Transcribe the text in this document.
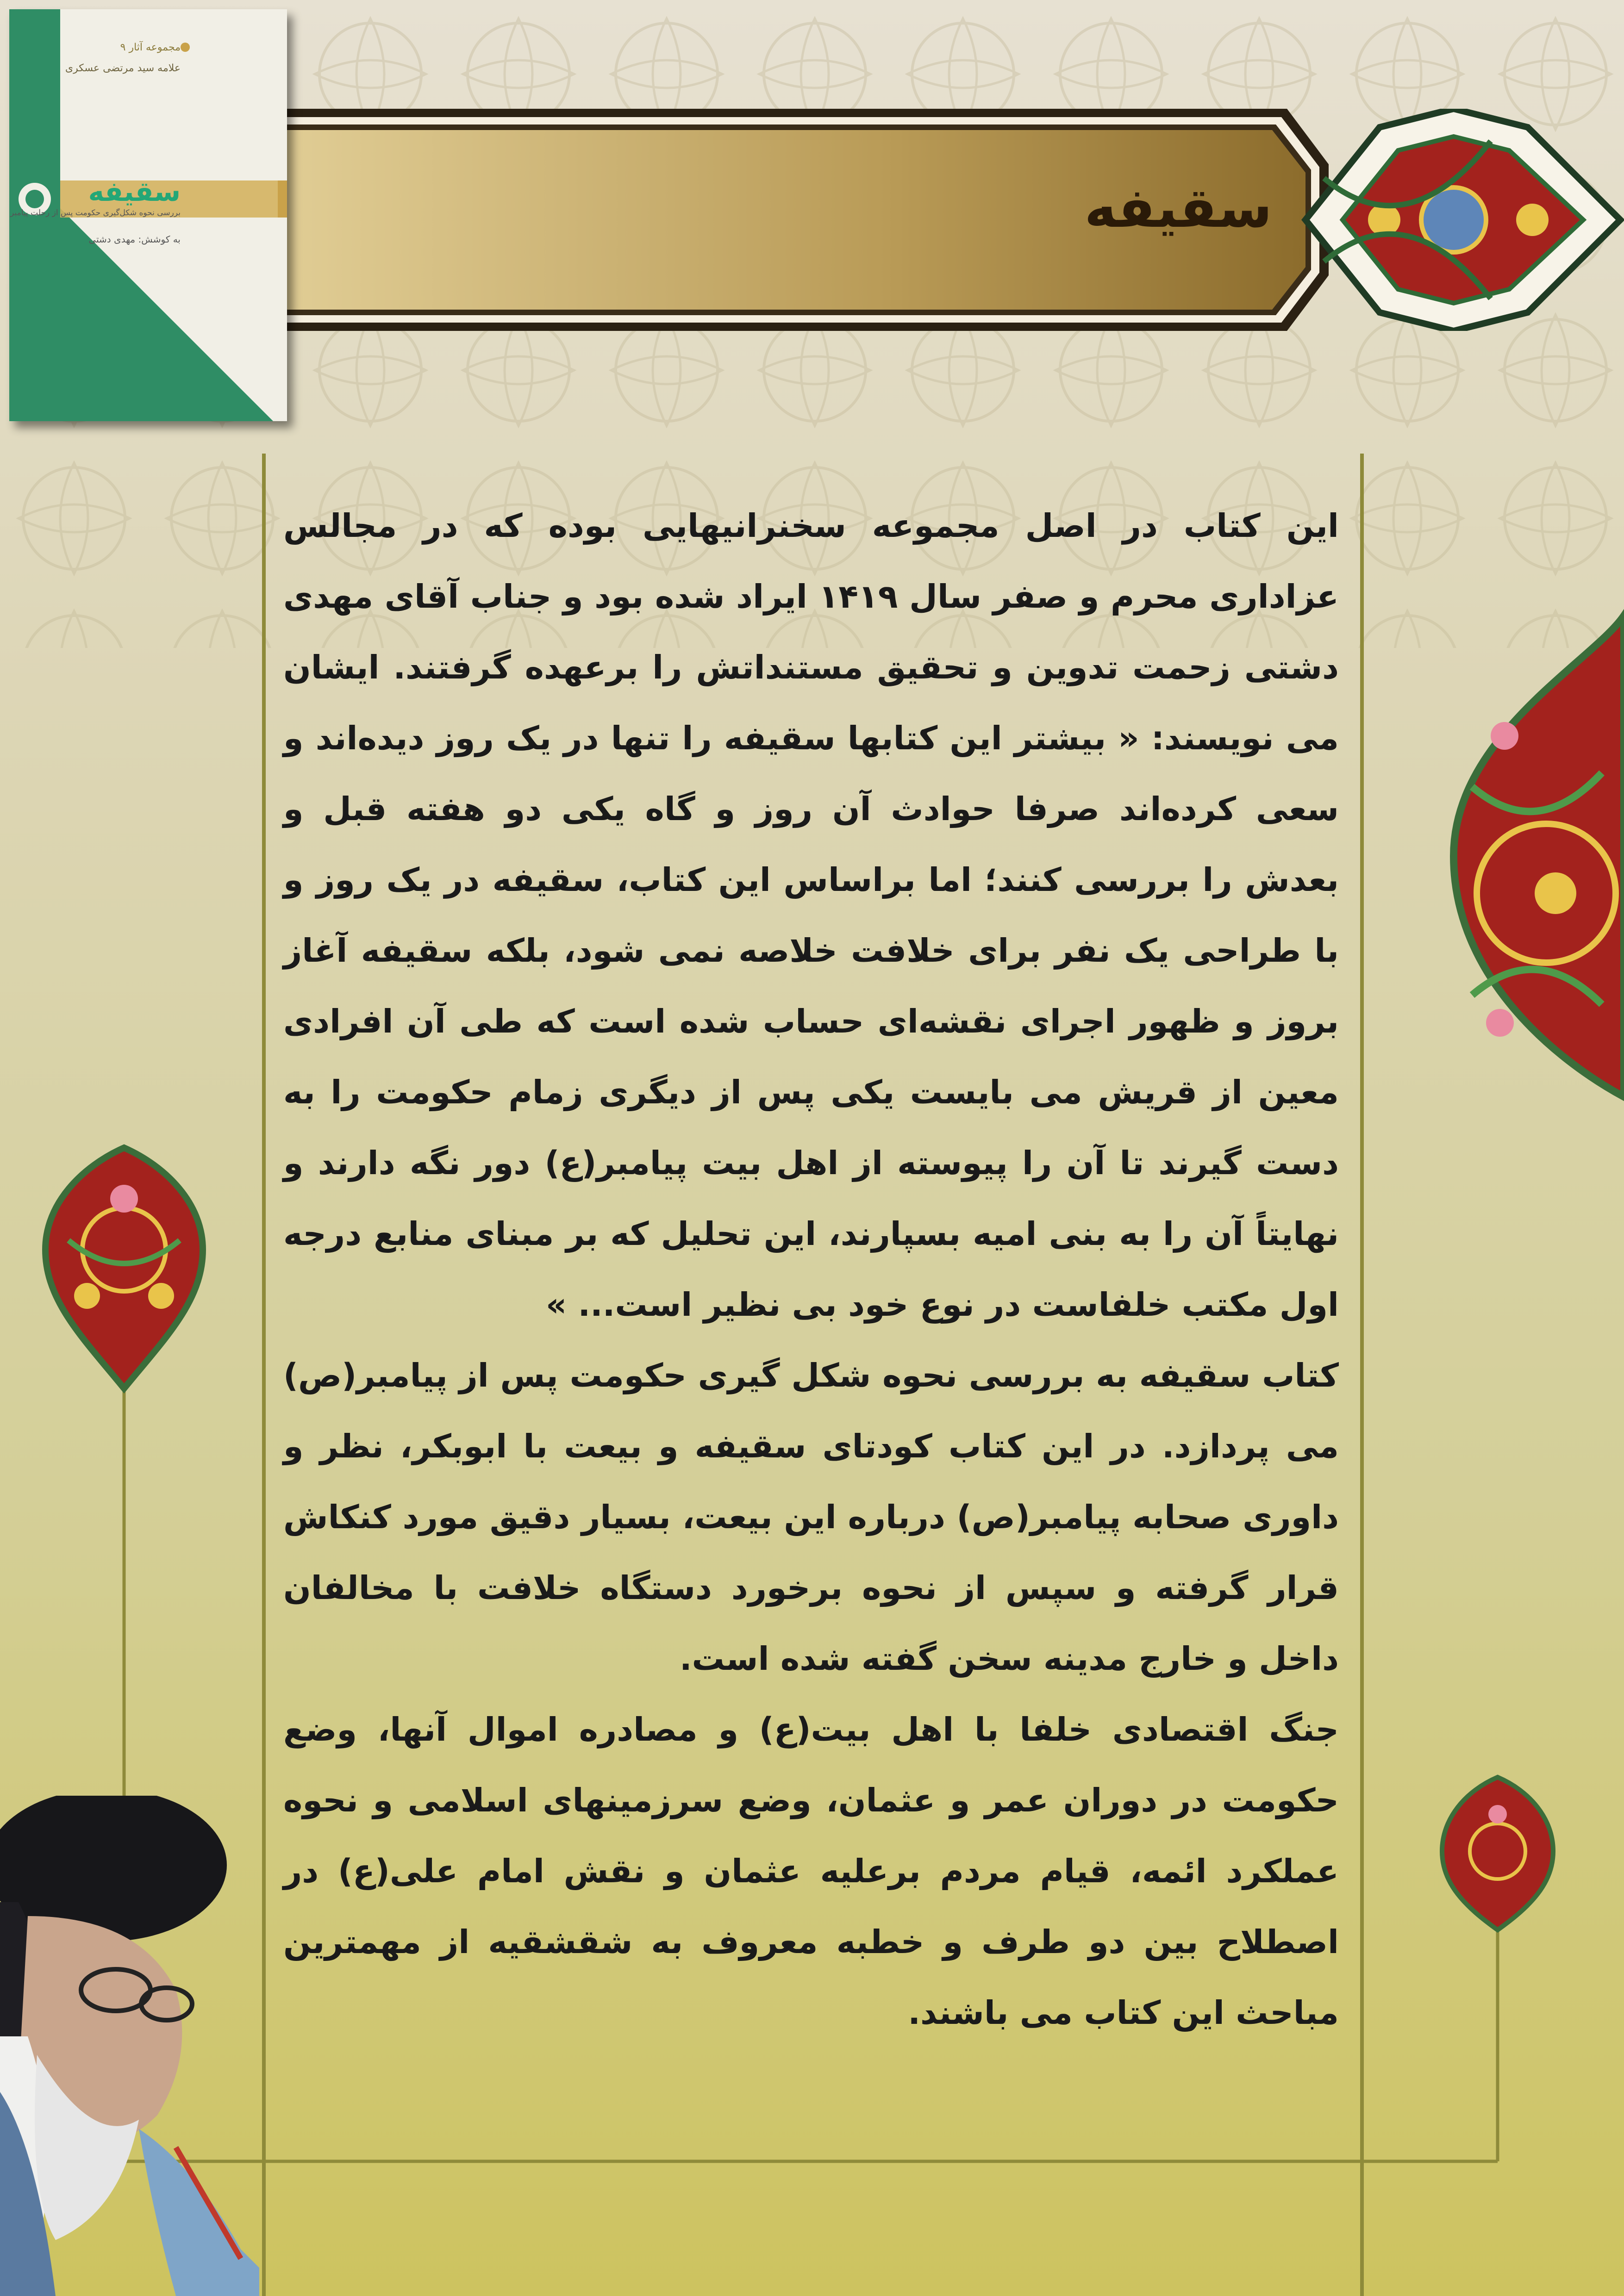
سقیفه
مجموعه آثار ۹
علامه سید مرتضی عسکری
سقیفه
بررسی نحوه شکل‌گیری حکومت پس از رحلت پیامبر
به کوشش: مهدی دشتی

این کتاب در اصل مجموعه سخنرانیهایی بوده که در مجالس عزاداری محرم و صفر سال ۱۴۱۹ ایراد شده بود و جناب آقای مهدی دشتی زحمت تدوین و تحقیق مستنداتش را برعهده گرفتند. ایشان می نویسند: « بیشتر این کتابها سقیفه را تنها در یک روز دیده‌اند و سعی کرده‌اند صرفا حوادث آن روز و گاه یکی دو هفته قبل و بعدش را بررسی کنند؛ اما براساس این کتاب، سقیفه در یک روز و با طراحی یک نفر برای خلافت خلاصه نمی شود، بلکه سقیفه آغاز بروز و ظهور اجرای نقشه‌ای حساب شده است که طی آن افرادی معین از قریش می بایست یکی پس از دیگری زمام حکومت را به دست گیرند تا آن را پیوسته از اهل بیت پیامبر(ع) دور نگه دارند و نهایتاً آن را به بنی امیه بسپارند، این تحلیل که بر مبنای منابع درجه اول مکتب خلفاست در نوع خود بی نظیر است... »

کتاب سقیفه به بررسی نحوه شکل گیری حکومت پس از پیامبر(ص) می پردازد. در این کتاب کودتای سقیفه و بیعت با ابوبکر، نظر و داوری صحابه پیامبر(ص) درباره این بیعت، بسیار دقیق مورد کنکاش قرار گرفته و سپس از نحوه برخورد دستگاه خلافت با مخالفان داخل و خارج مدینه سخن گفته شده است.

جنگ اقتصادی خلفا با اهل بیت(ع) و مصادره اموال آنها، وضع حکومت در دوران عمر و عثمان، وضع سرزمینهای اسلامی و نحوه عملکرد ائمه، قیام مردم برعلیه عثمان و نقش امام علی(ع) در اصطلاح بین دو طرف و خطبه معروف به شقشقیه از مهمترین مباحث این کتاب می باشند.
